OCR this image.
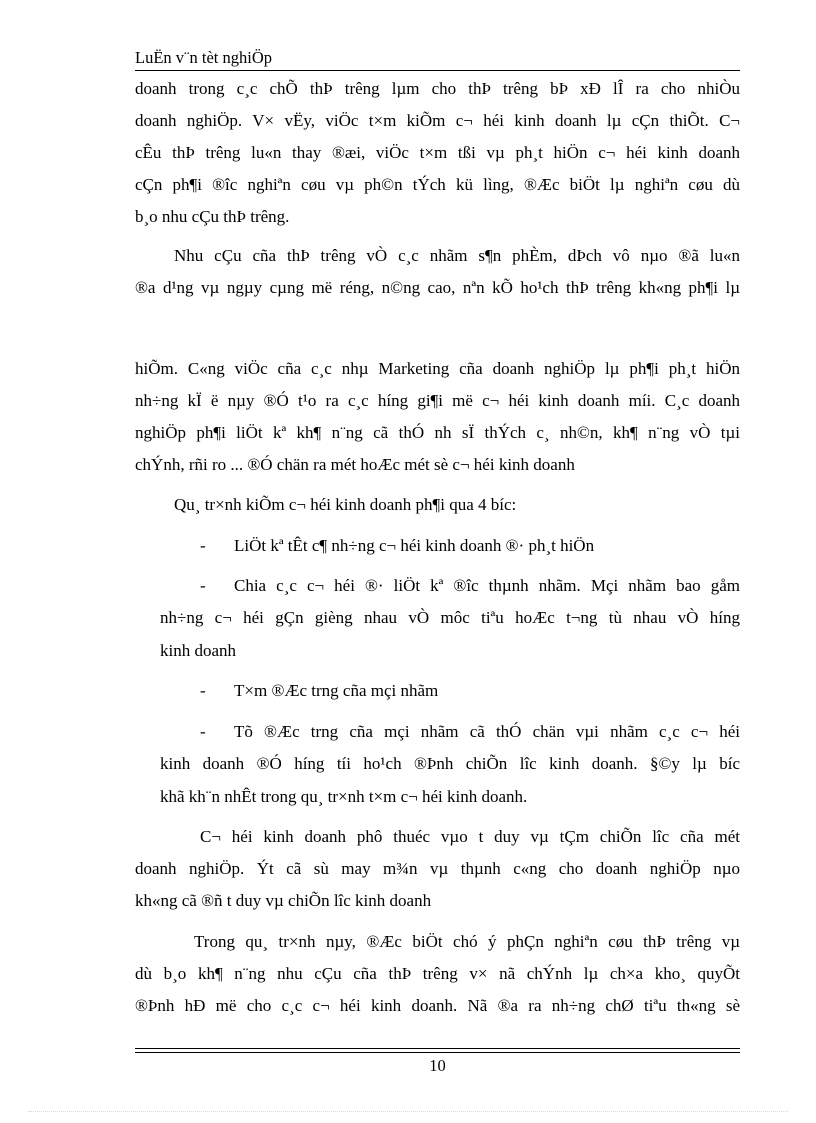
LuËn v¨n tèt nghiÖp
doanh trong c¸c chÕ thÞ trêng lµm cho thÞ trêng bÞ xÐ lÎ ra cho nhiÒu
doanh nghiÖp. V× vËy, viÖc t×m kiÕm c¬ héi kinh doanh lµ cÇn thiÕt. C¬
cÊu thÞ trêng lu«n thay ®æi, viÖc t×m tßi vµ ph¸t hiÖn c¬ héi kinh doanh
cÇn ph¶i ®îc nghiªn cøu vµ ph©n tÝch kü lìng, ®Æc biÖt lµ nghiªn cøu dù
b¸o nhu cÇu thÞ trêng.
Nhu cÇu cña thÞ trêng vÒ c¸c nhãm s¶n phÈm, dÞch vô nµo ®ã lu«n
®a d¹ng vµ ngµy cµng më réng, n©ng cao, nªn kÕ ho¹ch thÞ trêng kh«ng ph¶i lµ
hiÕm. C«ng viÖc cña c¸c nhµ Marketing cña doanh nghiÖp lµ ph¶i ph¸t hiÖn
nh÷ng kÏ ë nµy ®Ó t¹o ra c¸c híng gi¶i më c¬ héi kinh doanh míi. C¸c doanh
nghiÖp ph¶i liÖt kª kh¶ n¨ng cã thÓ nh sÏ thÝch c¸ nh©n, kh¶ n¨ng vÒ tµi
chÝnh, rñi ro ... ®Ó chän ra mét hoÆc mét sè c¬ héi kinh doanh
Qu¸ tr×nh kiÕm c¬ héi kinh doanh ph¶i qua 4 bíc:
- LiÖt kª tÊt c¶ nh÷ng c¬ héi kinh doanh ®· ph¸t hiÖn
- Chia c¸c c¬ héi ®· liÖt kª ®îc thµnh nhãm. Mçi nhãm bao gåm
nh÷ng c¬ héi gÇn gièng nhau vÒ môc tiªu hoÆc t¬ng tù nhau vÒ híng
kinh doanh
- T×m ®Æc trng cña mçi nhãm
- Tõ ®Æc trng cña mçi nhãm cã thÓ chän vµi nhãm c¸c c¬ héi
kinh doanh ®Ó híng tíi ho¹ch ®Þnh chiÕn lîc kinh doanh. §©y lµ bíc
khã kh¨n nhÊt trong qu¸ tr×nh t×m c¬ héi kinh doanh.
C¬ héi kinh doanh phô thuéc vµo t duy vµ tÇm chiÕn lîc cña mét
doanh nghiÖp. Ýt cã sù may m¾n vµ thµnh c«ng cho doanh nghiÖp nµo
kh«ng cã ®ñ t duy vµ chiÕn lîc kinh doanh
Trong qu¸ tr×nh nµy, ®Æc biÖt chó ý phÇn nghiªn cøu thÞ trêng vµ
dù b¸o kh¶ n¨ng nhu cÇu cña thÞ trêng v× nã chÝnh lµ ch×a kho¸ quyÕt
®Þnh hÐ më cho c¸c c¬ héi kinh doanh. Nã ®a ra nh÷ng chØ tiªu th«ng sè
10
